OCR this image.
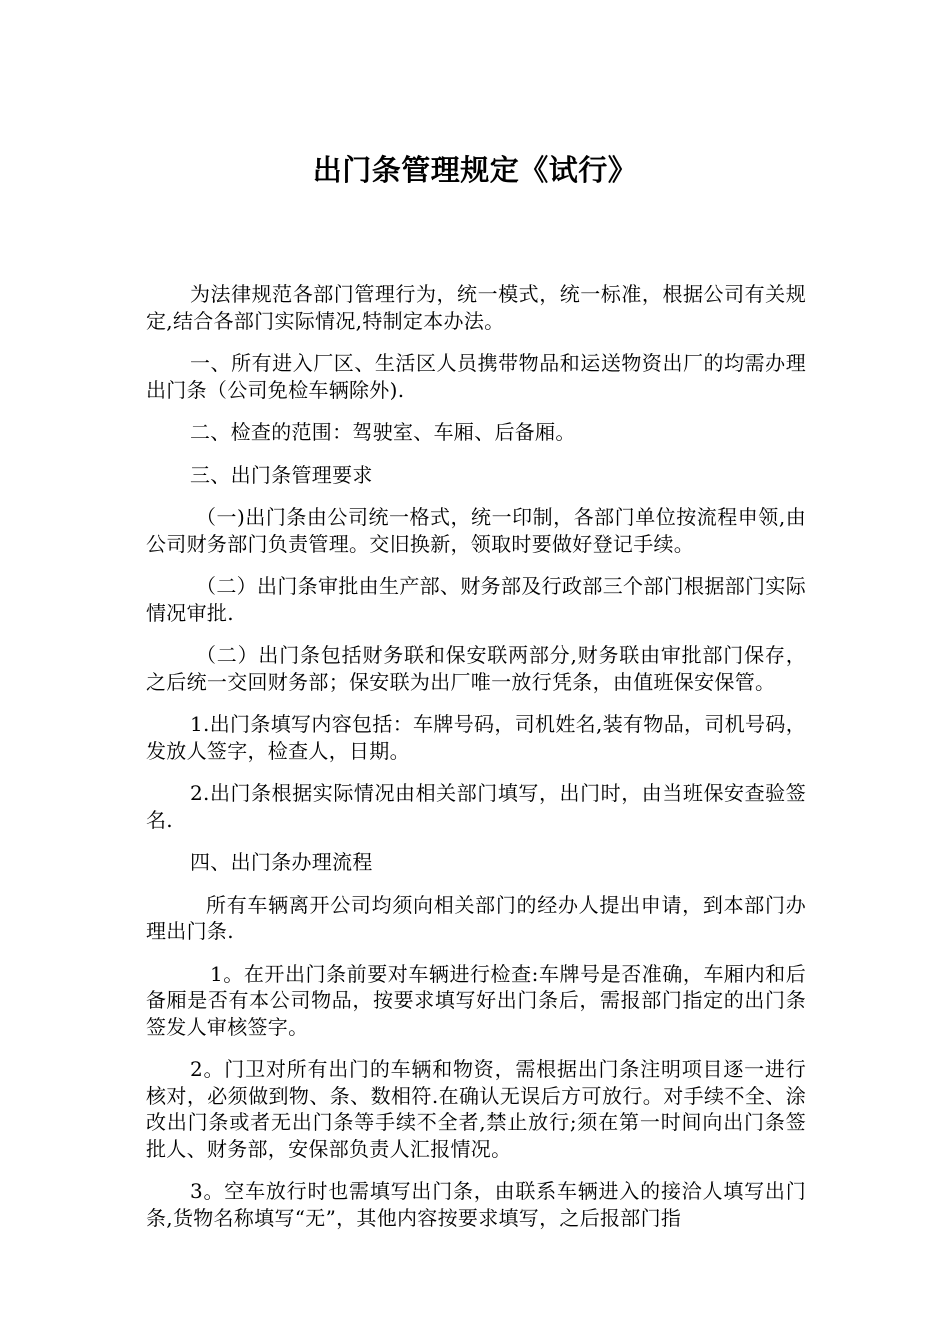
出门条管理规定《试行》

为法律规范各部门管理行为，统一模式，统一标准，根据公司有关规定,结合各部门实际情况,特制定本办法。

一、所有进入厂区、生活区人员携带物品和运送物资出厂的均需办理出门条（公司免检车辆除外).

二、检查的范围：驾驶室、车厢、后备厢。

三、出门条管理要求

（一)出门条由公司统一格式，统一印制，各部门单位按流程申领,由公司财务部门负责管理。交旧换新，领取时要做好登记手续。

（二）出门条审批由生产部、财务部及行政部三个部门根据部门实际情况审批.

（二）出门条包括财务联和保安联两部分,财务联由审批部门保存，之后统一交回财务部；保安联为出厂唯一放行凭条，由值班保安保管。

1.出门条填写内容包括：车牌号码，司机姓名,装有物品，司机号码，发放人签字，检查人，日期。

2.出门条根据实际情况由相关部门填写，出门时，由当班保安查验签名.

四、出门条办理流程

所有车辆离开公司均须向相关部门的经办人提出申请，到本部门办理出门条.

1。在开出门条前要对车辆进行检查:车牌号是否准确，车厢内和后备厢是否有本公司物品，按要求填写好出门条后，需报部门指定的出门条签发人审核签字。

2。门卫对所有出门的车辆和物资，需根据出门条注明项目逐一进行核对，必须做到物、条、数相符.在确认无误后方可放行。对手续不全、涂改出门条或者无出门条等手续不全者,禁止放行;须在第一时间向出门条签批人、财务部，安保部负责人汇报情况。

3。空车放行时也需填写出门条，由联系车辆进入的接洽人填写出门条,货物名称填写“无”，其他内容按要求填写，之后报部门指
